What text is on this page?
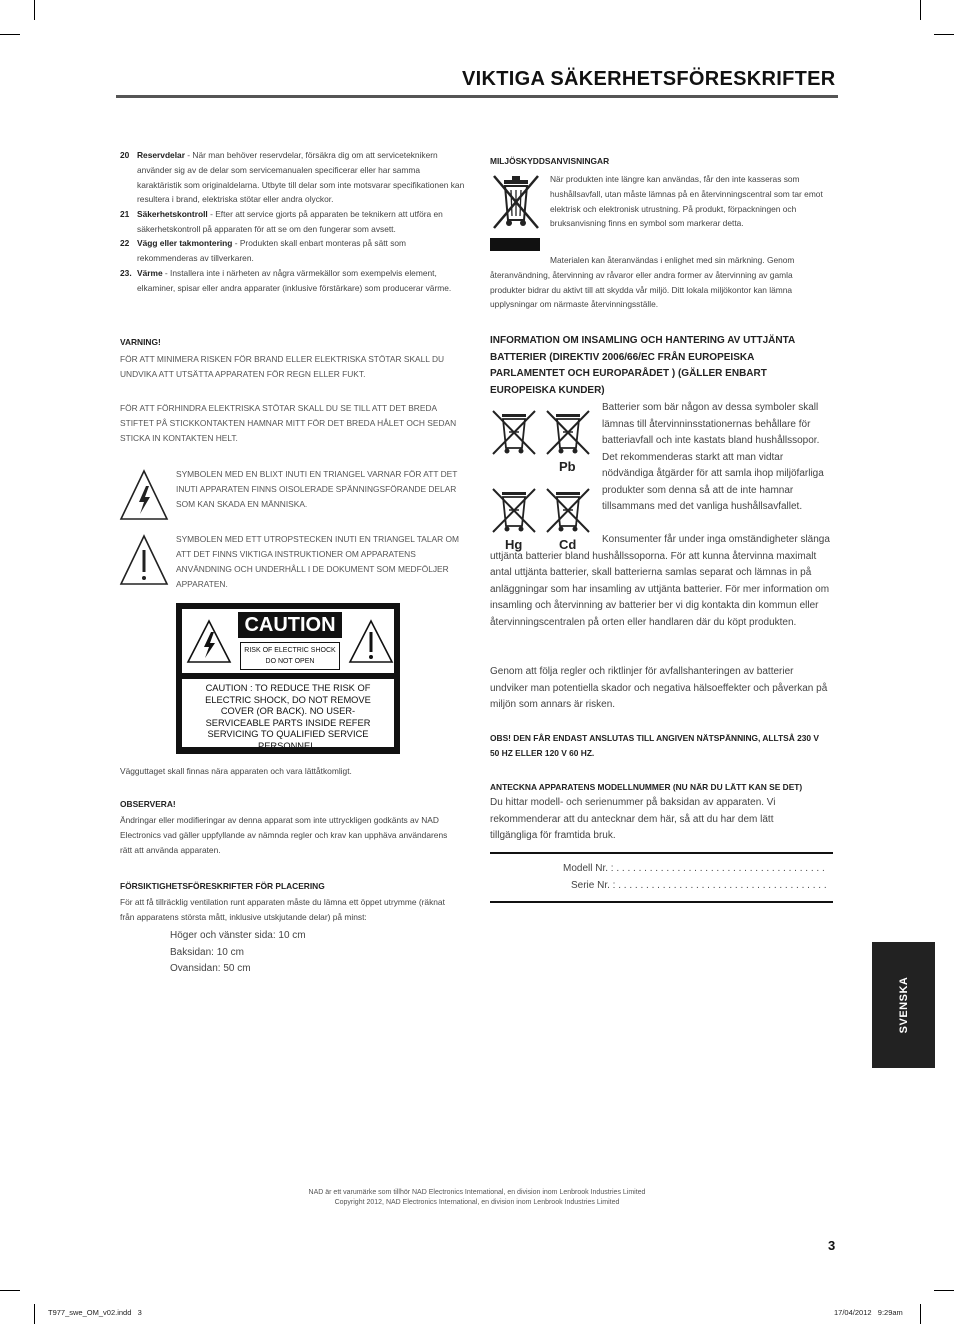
VIKTIGA SÄKERHETSFÖRESKRIFTER
20 Reservdelar - När man behöver reservdelar, försäkra dig om att serviceteknikern använder sig av de delar som servicemanualen specificerar eller har samma karaktäristik som originaldelarna. Utbyte till delar som inte motsvarar specifikationen kan resultera i brand, elektriska stötar eller andra olyckor.
21 Säkerhetskontroll - Efter att service gjorts på apparaten be teknikern att utföra en säkerhetskontroll på apparaten för att se om den fungerar som avsett.
22 Vägg eller takmontering - Produkten skall enbart monteras på sätt som rekommenderas av tillverkaren.
23. Värme - Installera inte i närheten av några värmekällor som exempelvis element, elkaminer, spisar eller andra apparater (inklusive förstärkare) som producerar värme.
VARNING!
FÖR ATT MINIMERA RISKEN FÖR BRAND ELLER ELEKTRISKA STÖTAR SKALL DU UNDVIKA ATT UTSÄTTA APPARATEN FÖR REGN ELLER FUKT.
FÖR ATT FÖRHINDRA ELEKTRISKA STÖTAR SKALL DU SE TILL ATT DET BREDA STIFTET PÅ STICKKONTAKTEN HAMNAR MITT FÖR DET BREDA HÅLET OCH SEDAN STICKA IN KONTAKTEN HELT.
SYMBOLEN MED EN BLIXT INUTI EN TRIANGEL VARNAR FÖR ATT DET INUTI APPARATEN FINNS OISOLERADE SPÄNNINGSFÖRANDE DELAR SOM KAN SKADA EN MÄNNISKA.
SYMBOLEN MED ETT UTROPSTECKEN INUTI EN TRIANGEL TALAR OM ATT DET FINNS VIKTIGA INSTRUKTIONER OM APPARATENS ANVÄNDNING OCH UNDERHÅLL I DE DOKUMENT SOM MEDFÖLJER APPARATEN.
CAUTION
RISK OF ELECTRIC SHOCK
DO NOT OPEN
CAUTION : TO REDUCE THE RISK OF ELECTRIC SHOCK, DO NOT REMOVE COVER (OR BACK). NO USER-SERVICEABLE PARTS INSIDE REFER SERVICING TO QUALIFIED SERVICE PERSONNEL.
Vägguttaget skall finnas nära apparaten och vara lättåtkomligt.
OBSERVERA!
Ändringar eller modifieringar av denna apparat som inte uttryckligen godkänts av NAD Electronics vad gäller uppfyllande av nämnda regler och krav kan upphäva användarens rätt att använda apparaten.
FÖRSIKTIGHETSFÖRESKRIFTER FÖR PLACERING
För att få tillräcklig ventilation runt apparaten måste du lämna ett öppet utrymme (räknat från apparatens största mått, inklusive utskjutande delar) på minst:
Höger och vänster sida: 10 cm
Baksidan: 10 cm
Ovansidan: 50 cm
MILJÖSKYDDSANVISNINGAR
När produkten inte längre kan användas, får den inte kasseras som hushållsavfall, utan måste lämnas på en återvinningscentral som tar emot elektrisk och elektronisk utrustning. På produkt, förpackningen och bruksanvisning finns en symbol som markerar detta.
Materialen kan återanvändas i enlighet med sin märkning. Genom återanvändning, återvinning av råvaror eller andra former av återvinning av gamla produkter bidrar du aktivt till att skydda vår miljö. Ditt lokala miljökontor kan lämna upplysningar om närmaste återvinningsställe.
INFORMATION OM INSAMLING OCH HANTERING AV UTTJÄNTA BATTERIER (DIREKTIV 2006/66/EC FRÅN EUROPEISKA PARLAMENTET OCH EUROPARÅDET ) (GÄLLER ENBART EUROPEISKA KUNDER)
Pb
Hg	Cd
Batterier som bär någon av dessa symboler skall lämnas till återvinninsstationernas behållare för batteriavfall och inte kastats bland hushållssopor. Det rekommenderas starkt att man vidtar nödvändiga åtgärder för att samla ihop miljöfarliga produkter som denna så att de inte hamnar tillsammans med det vanliga hushållsavfallet.
Konsumenter får under inga omständigheter slänga uttjänta batterier bland hushållssoporna. För att kunna återvinna maximalt antal uttjänta batterier, skall batterierna samlas separat och lämnas in på anläggningar som har insamling av uttjänta batterier. För mer information om insamling och återvinning av batterier ber vi dig kontakta din kommun eller återvinningscentralen på orten eller handlaren där du köpt produkten.
Genom att följa regler och riktlinjer för avfallshanteringen av batterier undviker man potentiella skador och negativa hälsoeffekter och påverkan på miljön som annars är risken.
OBS! DEN FÅR ENDAST ANSLUTAS TILL ANGIVEN NÄTSPÄNNING, ALLTSÅ 230 V 50 HZ ELLER 120 V 60 HZ.
ANTECKNA APPARATENS MODELLNUMMER (NU NÄR DU LÄTT KAN SE DET)
Du hittar modell- och serienummer på baksidan av apparaten. Vi rekommenderar att du antecknar dem här, så att du har dem lätt tillgängliga för framtida bruk.
Modell Nr. : . . . . . . . . . . . . . . . . . . . . . . . . . . . . . . . . . . . . . .
Serie Nr. : . . . . . . . . . . . . . . . . . . . . . . . . . . . . . . . . . . . . . .
SVENSKA
NAD är ett varumärke som tillhör NAD Electronics International, en division inom Lenbrook Industries Limited
Copyright 2012, NAD Electronics International, en division inom Lenbrook Industries Limited
3
T977_swe_OM_v02.indd   3	17/04/2012   9:29am
